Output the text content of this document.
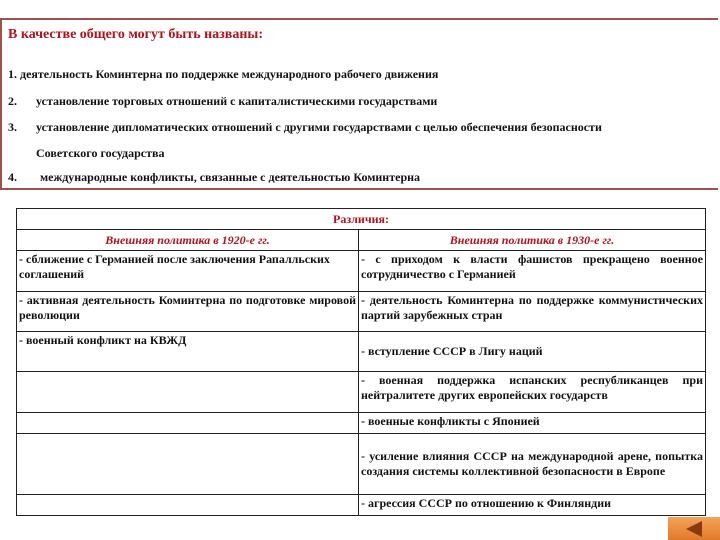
В качестве общего могут быть названы:
1. деятельность Коминтерна по поддержке международного рабочего движения
2. установление торговых отношений с капиталистическими государствами
3. установление дипломатических отношений с другими государствами с целью обеспечения безопасности
Советского государства
4. международные конфликты, связанные с деятельностью Коминтерна
Различия:	
Внешняя политика в 1920-е гг.	Внешняя политика в 1930-е гг.
- сближение с Германией после заключения Рапалльских соглашений	- с приходом к власти фашистов прекращено военное сотрудничество с Германией
- активная деятельность Коминтерна по подготовке мировой революции	- деятельность Коминтерна по поддержке коммунистических партий зарубежных стран
- военный конфликт на КВЖД	- вступление СССР в Лигу наций
	- военная поддержка испанских республиканцев при нейтралитете других европейских государств
	- военные конфликты с Японией
	- усиление влияния СССР на международной арене, попытка создания системы коллективной безопасности в Европе
	- агрессия СССР по отношению к Финляндии
